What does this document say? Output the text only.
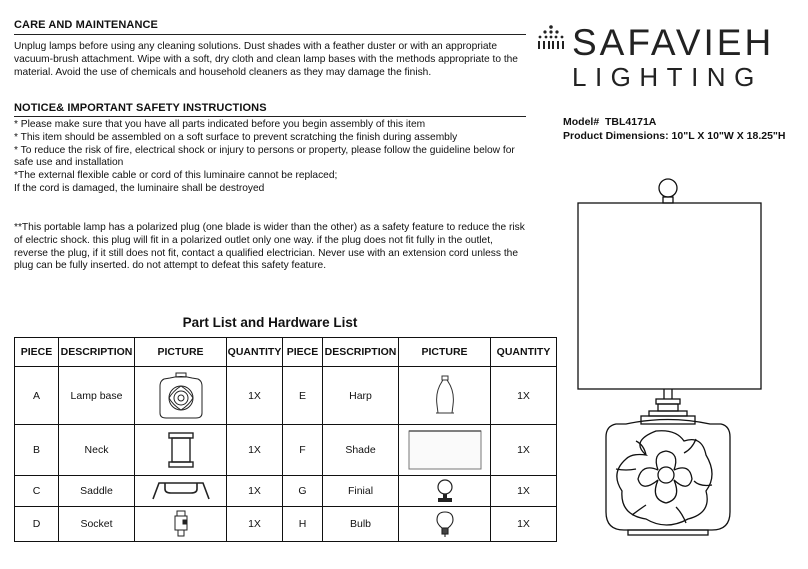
CARE AND MAINTENANCE
Unplug lamps before using any cleaning solutions. Dust shades with a feather duster or with an appropriate vacuum-brush attachment. Wipe with a soft, dry cloth and clean lamp bases with the methods appropriate to the material. Avoid the use of chemicals and household cleaners as they may damage the finish.
NOTICE& IMPORTANT SAFETY INSTRUCTIONS
* Please make sure that you have all parts indicated before you begin assembly of this item
* This item should be assembled on a soft surface to prevent scratching the finish during assembly
* To reduce the risk of fire, electrical shock or injury to persons or property, please follow the guideline below for safe use and installation
*The external flexible cable or cord of this luminaire cannot be replaced;
If the cord is damaged, the luminaire shall be destroyed
**This portable lamp has a polarized plug (one blade is wider than the other) as a safety feature to reduce the risk of electric shock. this plug will fit in a polarized outlet only one way. if the plug does not fit fully in the outlet, reverse the plug, if it still does not fit, contact a qualified electrician. Never use with an extension cord unless the plug can be fully inserted. do not attempt to defeat this safety feature.
SAFAVIEH
LIGHTING
Model# TBL4171A
Product Dimensions: 10"L X 10"W X 18.25"H
Part List and Hardware List
PIECE	DESCRIPTION	PICTURE	QUANTITY	PIECE	DESCRIPTION	PICTURE	QUANTITY
A	Lamp base		1X	E	Harp		1X
B	Neck		1X	F	Shade		1X
C	Saddle		1X	G	Finial		1X
D	Socket		1X	H	Bulb		1X
